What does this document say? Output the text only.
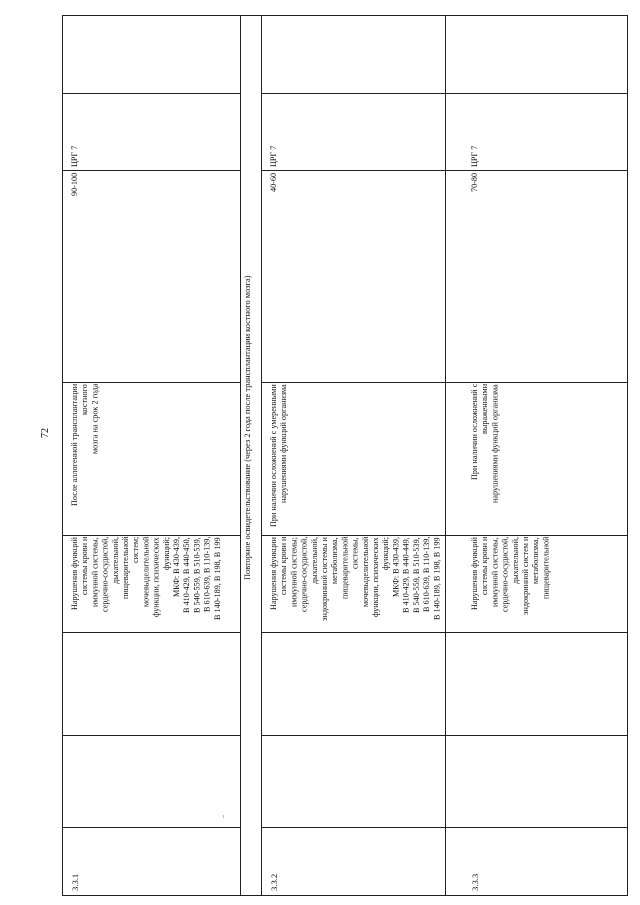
72
ЦРГ 7
90-100
После аллогенной трансплантации костного
мозга на срок 2 года
Нарушения функций
системы крови и
иммунной системы,
сердечно-сосудистой,
дыхательной,
пищеварительной
систем;
мочевыделительной
функции, психических
функций;
МКФ: В 430-439,
В 410-429, В 440-450,
В 540-559, В 510-539,
В 610-639, В 110-139,
В 140-189, В 198, В 199
3.3.1
Повторное освидетельствование (через 2 года после трансплантации костного мозга)
ЦРГ 7
40-60
При наличии осложнений с умеренными
нарушениями функций организма
Нарушения функции
системы крови и
иммунной системы;
сердечно-сосудистой,
дыхательной,
эндокринной системы и
метаболизма,
пищеварительной
системы,
мочевыделительной
функции, психических
функций;
МКФ: В 430-439,
В 410-429, В 440-449,
В 540-559, В 510-539,
В 610-639, В 110-139,
В 140-189, В 198, В 199
3.3.2
ЦРГ 7
70-80
При наличии осложнений с выраженными
нарушениями функций организма
Нарушения функций
системы крови и
иммунной системы,
сердечно-сосудистой,
дыхательной,
эндокринной систем и
метаболизма,
пищеварительной
3.3.3
